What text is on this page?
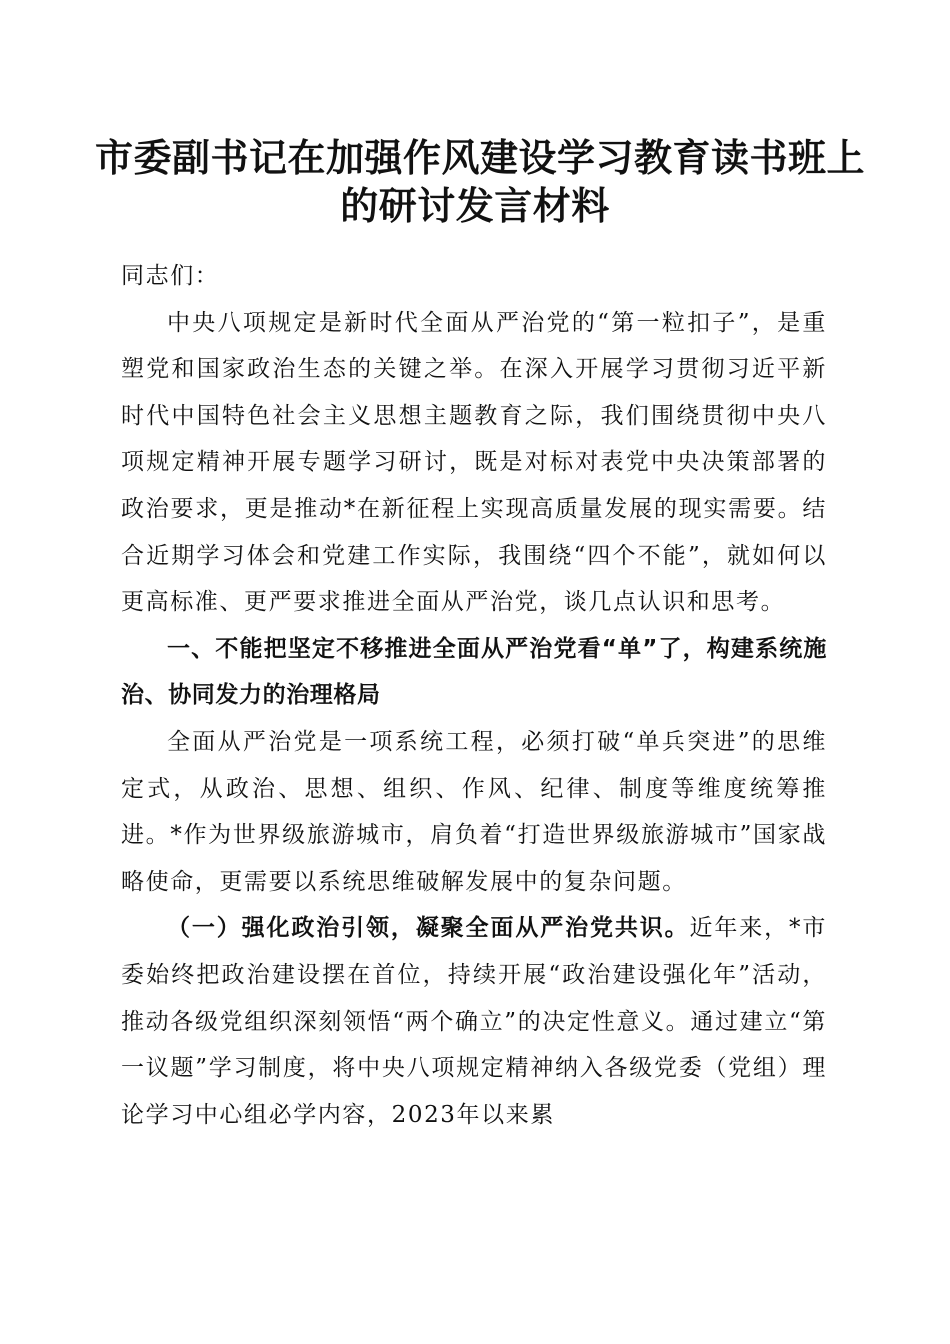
市委副书记在加强作风建设学习教育读书班上
的研讨发言材料

同志们：

中央八项规定是新时代全面从严治党的“第一粒扣子”，是重塑党和国家政治生态的关键之举。在深入开展学习贯彻习近平新时代中国特色社会主义思想主题教育之际，我们围绕贯彻中央八项规定精神开展专题学习研讨，既是对标对表党中央决策部署的政治要求，更是推动*在新征程上实现高质量发展的现实需要。结合近期学习体会和党建工作实际，我围绕“四个不能”，就如何以更高标准、更严要求推进全面从严治党，谈几点认识和思考。

一、不能把坚定不移推进全面从严治党看“单”了，构建系统施治、协同发力的治理格局

全面从严治党是一项系统工程，必须打破“单兵突进”的思维定式，从政治、思想、组织、作风、纪律、制度等维度统筹推进。*作为世界级旅游城市，肩负着“打造世界级旅游城市”国家战略使命，更需要以系统思维破解发展中的复杂问题。

（一）强化政治引领，凝聚全面从严治党共识。近年来，*市委始终把政治建设摆在首位，持续开展“政治建设强化年”活动，推动各级党组织深刻领悟“两个确立”的决定性意义。通过建立“第一议题”学习制度，将中央八项规定精神纳入各级党委（党组）理论学习中心组必学内容，2023年以来累
